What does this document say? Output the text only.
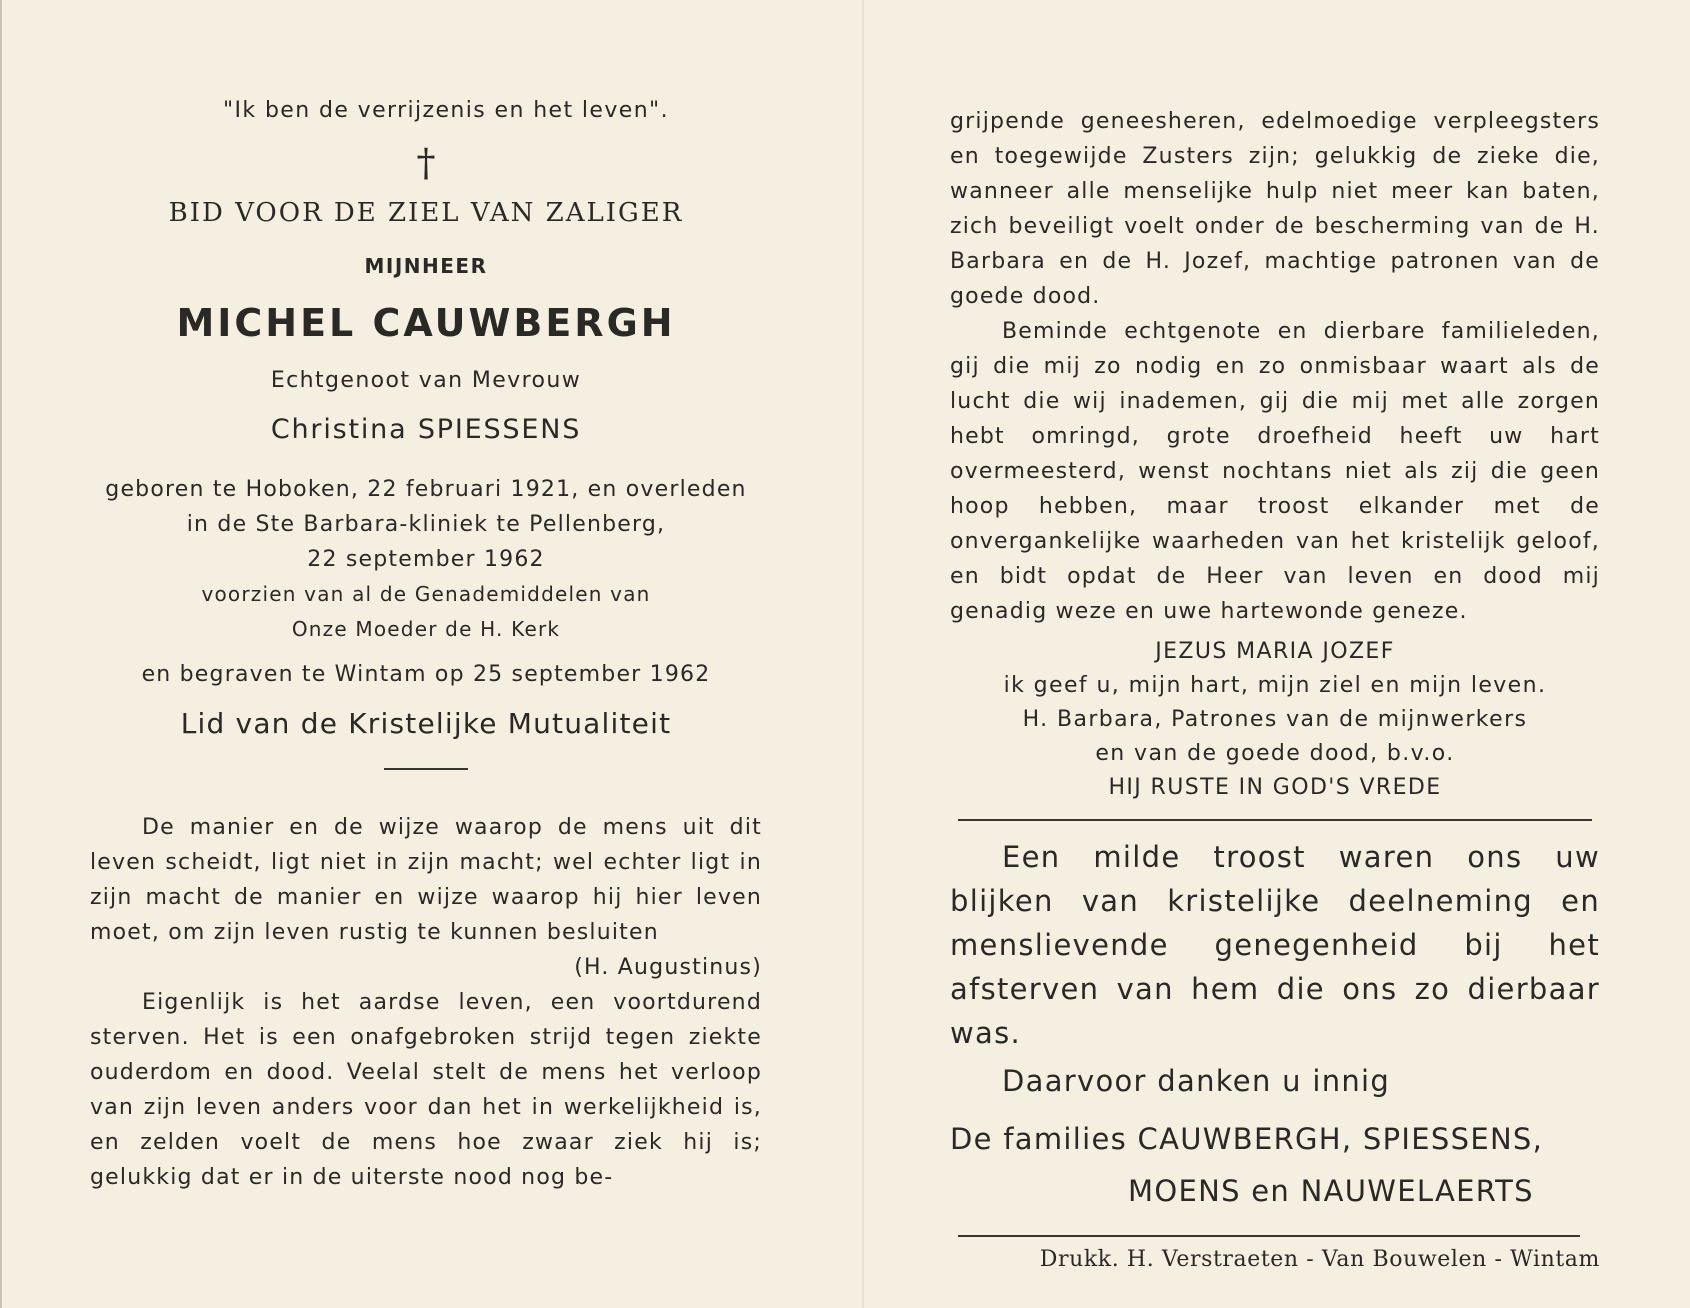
"Ik ben de verrijzenis en het leven".

†

BID VOOR DE ZIEL VAN ZALIGER

MIJNHEER

MICHEL CAUWBERGH

Echtgenoot van Mevrouw

Christina SPIESSENS

geboren te Hoboken, 22 februari 1921, en overleden
in de Ste Barbara-kliniek te Pellenberg,
22 september 1962
voorzien van al de Genademiddelen van
Onze Moeder de H. Kerk
en begraven te Wintam op 25 september 1962

Lid van de Kristelijke Mutualiteit

De manier en de wijze waarop de mens uit dit leven scheidt, ligt niet in zijn macht; wel echter ligt in zijn macht de manier en wijze waarop hij hier leven moet, om zijn leven rustig te kunnen besluiten

(H. Augustinus)

Eigenlijk is het aardse leven, een voortdurend sterven. Het is een onafgebroken strijd tegen ziekte ouderdom en dood. Veelal stelt de mens het verloop van zijn leven anders voor dan het in werkelijkheid is, en zelden voelt de mens hoe zwaar ziek hij is; gelukkig dat er in de uiterste nood nog be-

grijpende geneesheren, edelmoedige verpleegsters en toegewijde Zusters zijn; gelukkig de zieke die, wanneer alle menselijke hulp niet meer kan baten, zich beveiligt voelt onder de bescherming van de H. Barbara en de H. Jozef, machtige patronen van de goede dood.

Beminde echtgenote en dierbare familieleden, gij die mij zo nodig en zo onmisbaar waart als de lucht die wij inademen, gij die mij met alle zorgen hebt omringd, grote droefheid heeft uw hart overmeesterd, wenst nochtans niet als zij die geen hoop hebben, maar troost elkander met de onvergankelijke waarheden van het kristelijk geloof, en bidt opdat de Heer van leven en dood mij genadig weze en uwe hartewonde geneze.

JEZUS MARIA JOZEF
ik geef u, mijn hart, mijn ziel en mijn leven.
H. Barbara, Patrones van de mijnwerkers
en van de goede dood, b.v.o.
HIJ RUSTE IN GOD'S VREDE

Een milde troost waren ons uw blijken van kristelijke deelneming en menslievende genegenheid bij het afsterven van hem die ons zo dierbaar was.

Daarvoor danken u innig

De families CAUWBERGH, SPIESSENS,
MOENS en NAUWELAERTS
Drukk. H. Verstraeten - Van Bouwelen - Wintam
